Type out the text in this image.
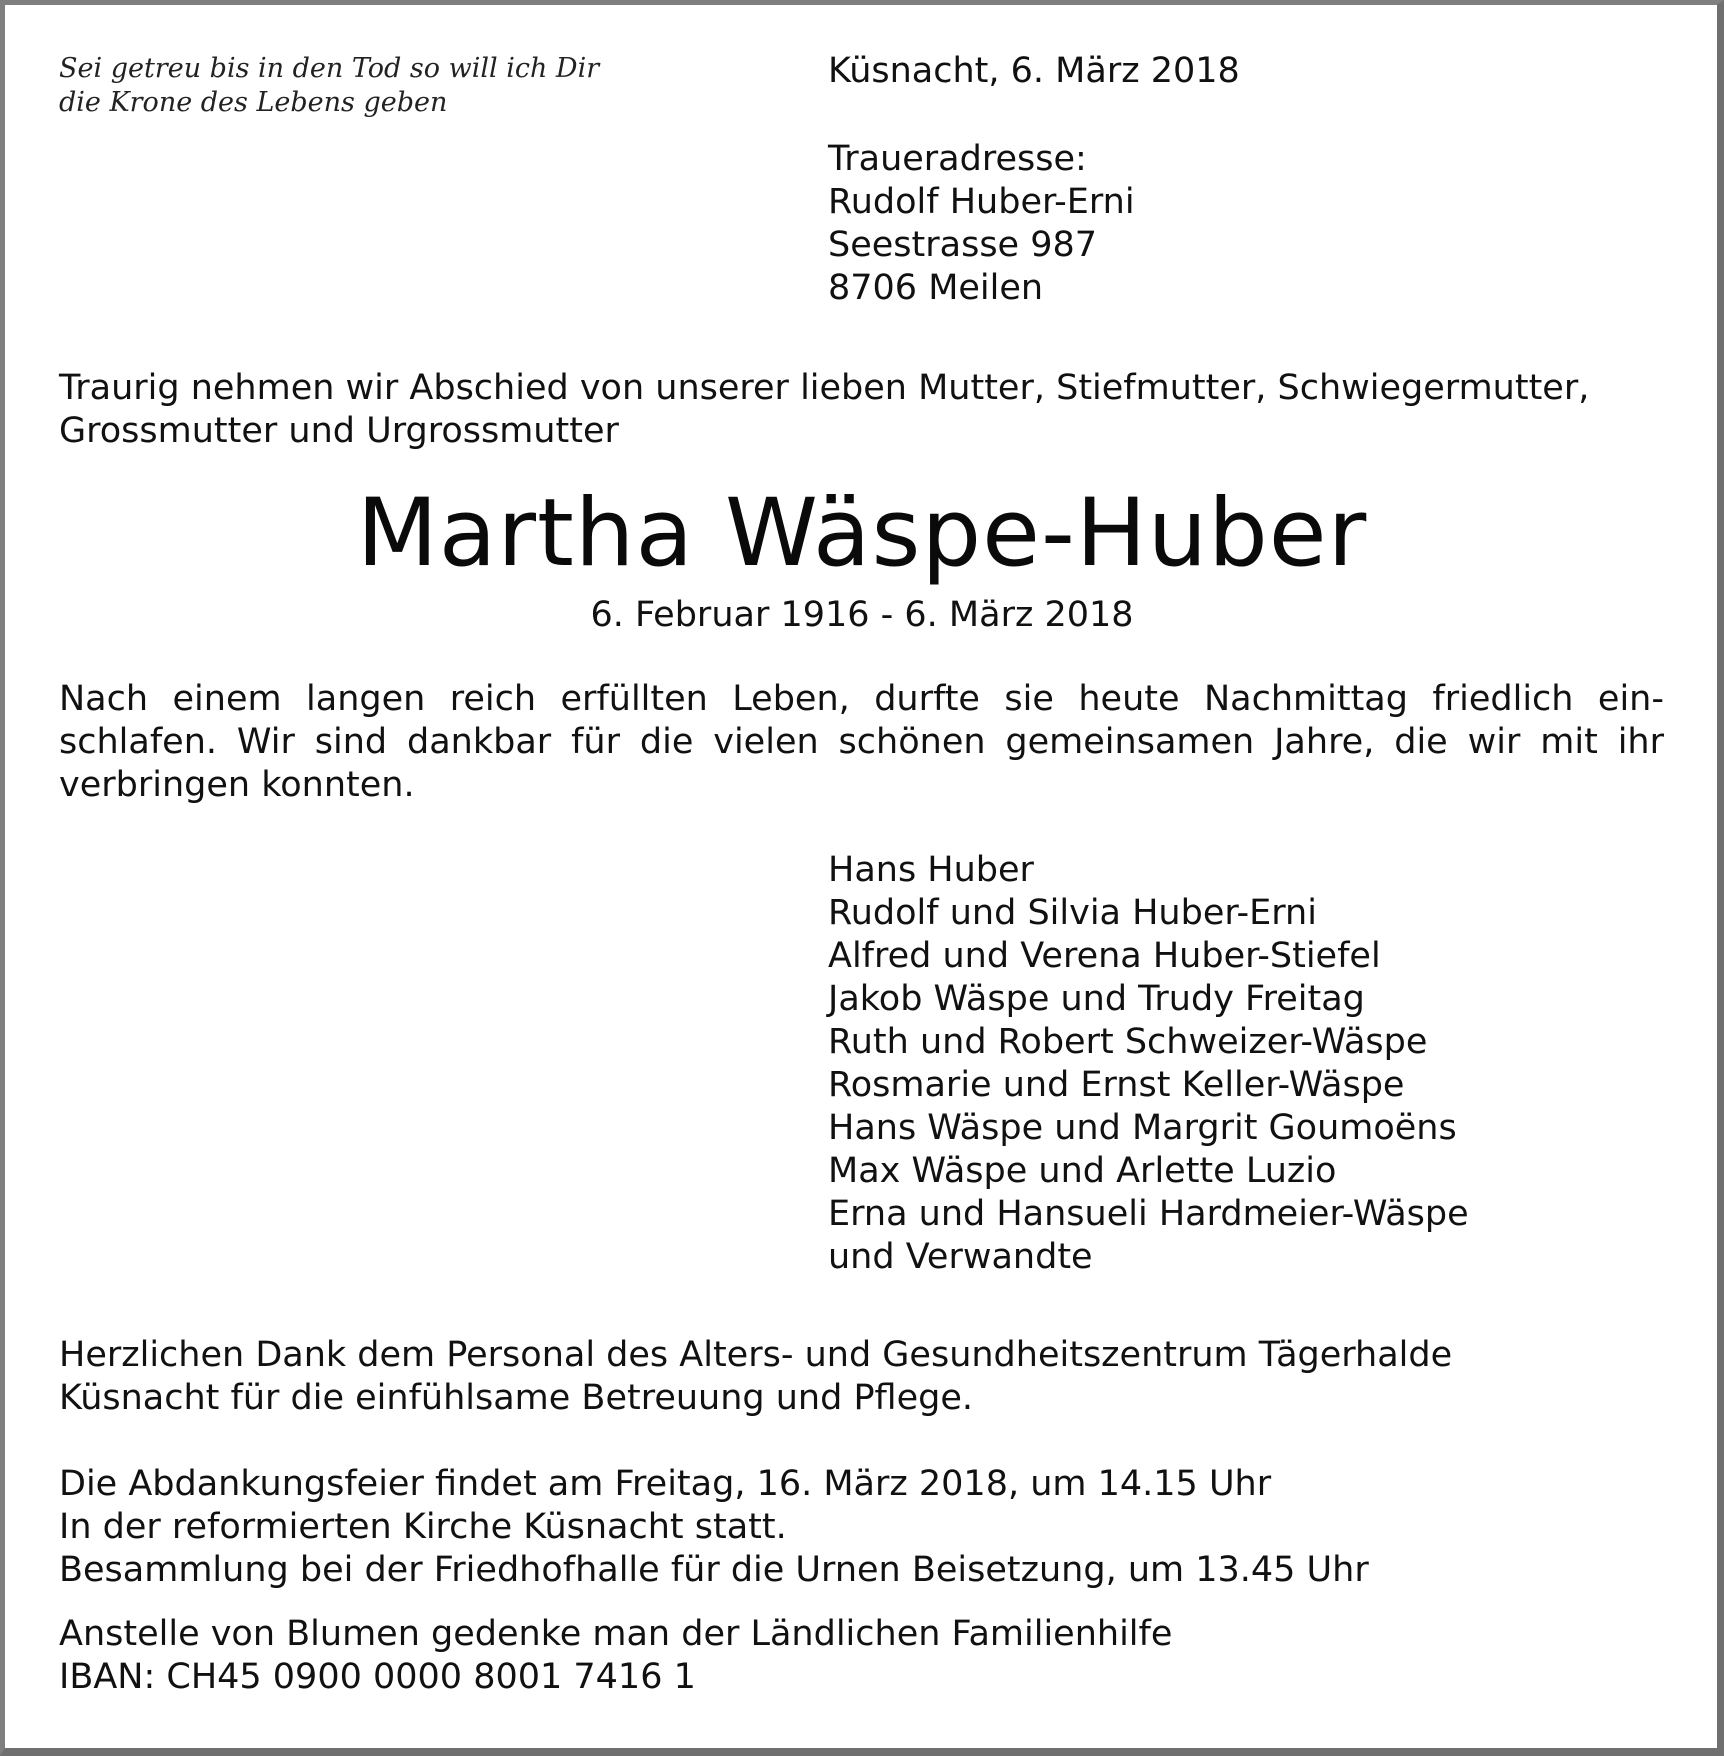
Sei getreu bis in den Tod so will ich Dir
die Krone des Lebens geben
Küsnacht, 6. März 2018
Traueradresse:
Rudolf Huber-Erni
Seestrasse 987
8706 Meilen
Traurig nehmen wir Abschied von unserer lieben Mutter, Stiefmutter, Schwiegermutter,
Grossmutter und Urgrossmutter
Martha Wäspe-Huber
6. Februar 1916 - 6. März 2018
Nach einem langen reich erfüllten Leben, durfte sie heute Nachmittag friedlich ein-
schlafen. Wir sind dankbar für die vielen schönen gemeinsamen Jahre, die wir mit ihr
verbringen konnten.
Hans Huber
Rudolf und Silvia Huber-Erni
Alfred und Verena Huber-Stiefel
Jakob Wäspe und Trudy Freitag
Ruth und Robert Schweizer-Wäspe
Rosmarie und Ernst Keller-Wäspe
Hans Wäspe und Margrit Goumoëns
Max Wäspe und Arlette Luzio
Erna und Hansueli Hardmeier-Wäspe
und Verwandte
Herzlichen Dank dem Personal des Alters- und Gesundheitszentrum Tägerhalde
Küsnacht für die einfühlsame Betreuung und Pflege.
Die Abdankungsfeier findet am Freitag, 16. März 2018, um 14.15 Uhr
In der reformierten Kirche Küsnacht statt.
Besammlung bei der Friedhofhalle für die Urnen Beisetzung, um 13.45 Uhr
Anstelle von Blumen gedenke man der Ländlichen Familienhilfe
IBAN: CH45 0900 0000 8001 7416 1
